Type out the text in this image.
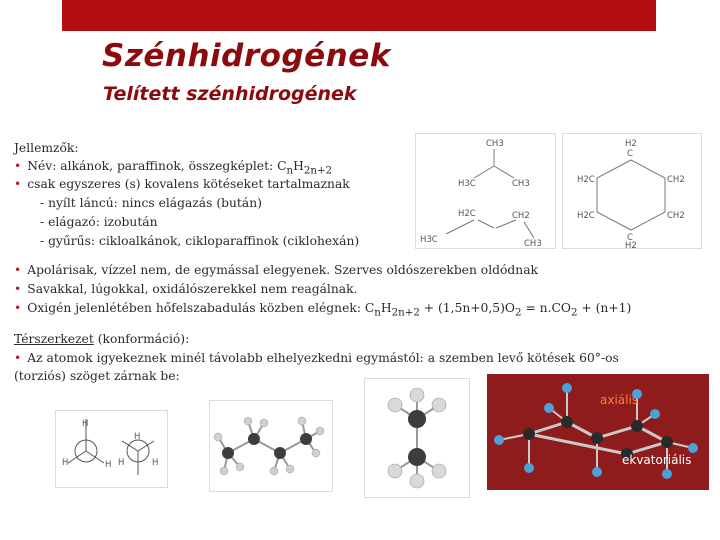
Szénhidrogének
Telített szénhidrogének
Jellemzők:
• Név: alkánok, paraffinok, összegképlet: $C_nH_{2n+2}$
• csak egyszeres (s) kovalens kötéseket tartalmaznak
- nyílt láncú: nincs elágazás (bután)
- elágazó: izobután
- gyűrűs: cikloalkánok, cikloparaffinok (ciklohexán)
CH3
H3C	CH3
H2C
H3C
CH2
CH3
H2
C
H2C	CH2
H2C	CH2
C
H2
• Apolárisak, vízzel nem, de egymással elegyenek. Szerves oldószerekben oldódnak
• Savakkal, lúgokkal, oxidálószerekkel nem reagálnak.
• Oxigén jelenlétében hőfelszabadulás közben elégnek: $C_nH_{2n+2} + (1,5n+0,5)O_2 = n.CO_2 + (n+1)$
Térszerkezet (konformáció):
• Az atomok igyekeznek minél távolabb elhelyezkedni egymástól: a szemben levő kötések 60°-os
(torziós) szöget zárnak be:
H
H	H H	H
H
axiális
ekvatoriális
